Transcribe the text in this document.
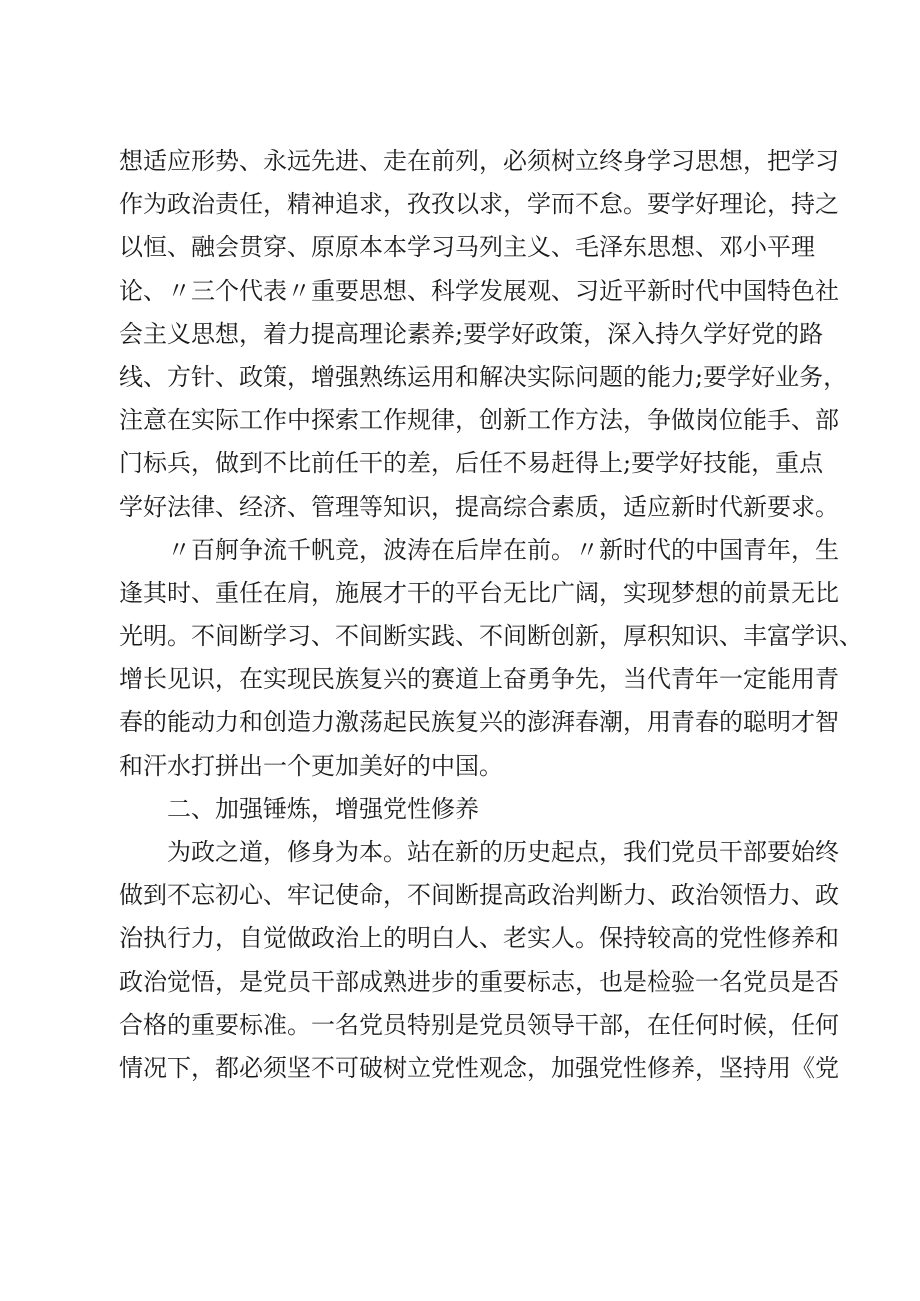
想适应形势、永远先进、走在前列，必须树立终身学习思想，把学习
作为政治责任，精神追求，孜孜以求，学而不怠。要学好理论，持之
以恒、融会贯穿、原原本本学习马列主义、毛泽东思想、邓小平理
论、〃三个代表〃重要思想、科学发展观、习近平新时代中国特色社
会主义思想，着力提高理论素养;要学好政策，深入持久学好党的路
线、方针、政策，增强熟练运用和解决实际问题的能力;要学好业务，
注意在实际工作中探索工作规律，创新工作方法，争做岗位能手、部
门标兵，做到不比前任干的差，后任不易赶得上;要学好技能，重点
学好法律、经济、管理等知识，提高综合素质，适应新时代新要求。
〃百舸争流千帆竞，波涛在后岸在前。〃新时代的中国青年，生
逢其时、重任在肩，施展才干的平台无比广阔，实现梦想的前景无比
光明。不间断学习、不间断实践、不间断创新，厚积知识、丰富学识、
增长见识，在实现民族复兴的赛道上奋勇争先，当代青年一定能用青
春的能动力和创造力激荡起民族复兴的澎湃春潮，用青春的聪明才智
和汗水打拼出一个更加美好的中国。
二、加强锤炼，增强党性修养
为政之道，修身为本。站在新的历史起点，我们党员干部要始终
做到不忘初心、牢记使命，不间断提高政治判断力、政治领悟力、政
治执行力，自觉做政治上的明白人、老实人。保持较高的党性修养和
政治觉悟，是党员干部成熟进步的重要标志，也是检验一名党员是否
合格的重要标准。一名党员特别是党员领导干部，在任何时候，任何
情况下，都必须坚不可破树立党性观念，加强党性修养，坚持用《党
